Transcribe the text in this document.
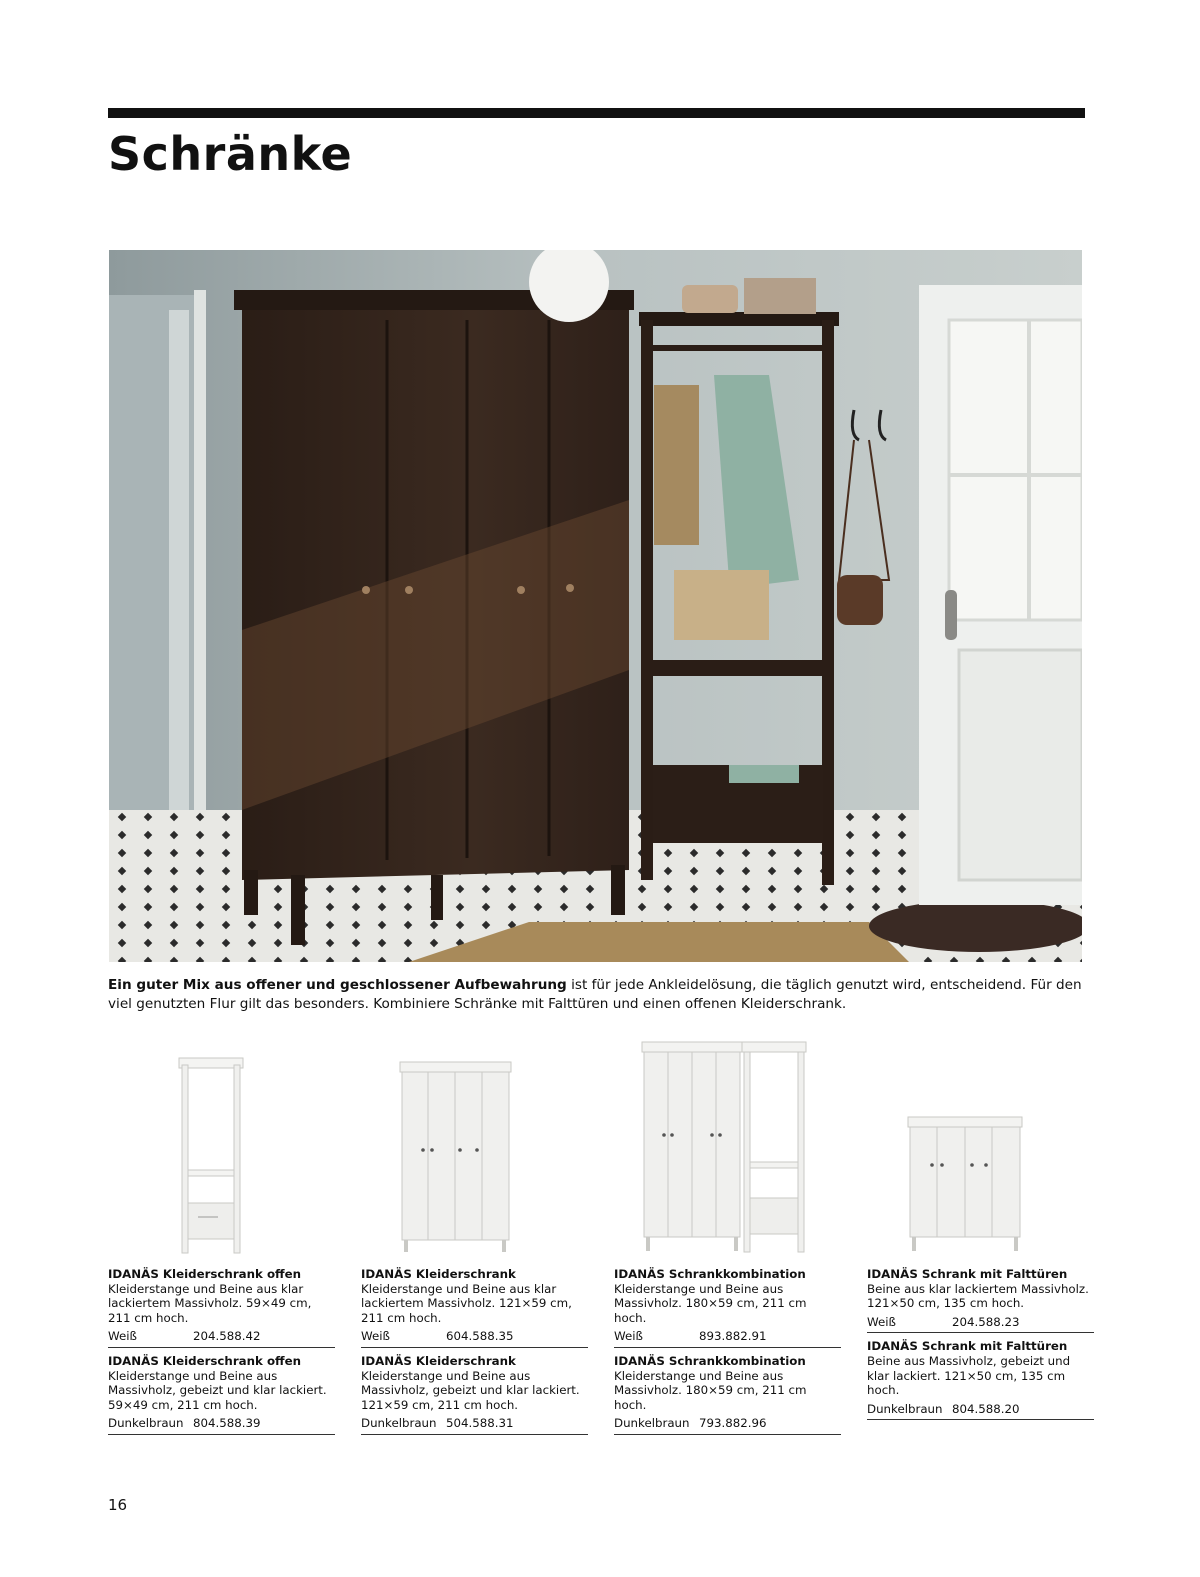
Schränke

Ein guter Mix aus offener und geschlossener Aufbewahrung ist für jede Ankleidelösung, die täglich genutzt wird, entscheidend. Für den viel genutzten Flur gilt das besonders. Kombiniere Schränke mit Falttüren und einen offenen Kleiderschrank.

IDANÄS Kleiderschrank offen Kleiderstange und Beine aus klar lackiertem Massivholz. 59×49 cm, 211 cm hoch.

Weiß	204.588.42

IDANÄS Kleiderschrank offen Kleiderstange und Beine aus Massivholz, gebeizt und klar lackiert. 59×49 cm, 211 cm hoch.

Dunkelbraun 804.588.39

IDANÄS Kleiderschrank Kleiderstange und Beine aus klar lackiertem Massivholz. 121×59 cm, 211 cm hoch.

Weiß	604.588.35

IDANÄS Kleiderschrank Kleiderstange und Beine aus Massivholz, gebeizt und klar lackiert. 121×59 cm, 211 cm hoch.

Dunkelbraun 504.588.31

IDANÄS Schrankkombination Kleiderstange und Beine aus Massivholz. 180×59 cm, 211 cm hoch.

Weiß	893.882.91

IDANÄS Schrankkombination Kleiderstange und Beine aus Massivholz. 180×59 cm, 211 cm hoch.

Dunkelbraun 793.882.96

IDANÄS Schrank mit Falttüren Beine aus klar lackiertem Massivholz. 121×50 cm, 135 cm hoch.

Weiß	204.588.23

IDANÄS Schrank mit Falttüren Beine aus Massivholz, gebeizt und klar lackiert. 121×50 cm, 135 cm hoch.

Dunkelbraun 804.588.20
16
